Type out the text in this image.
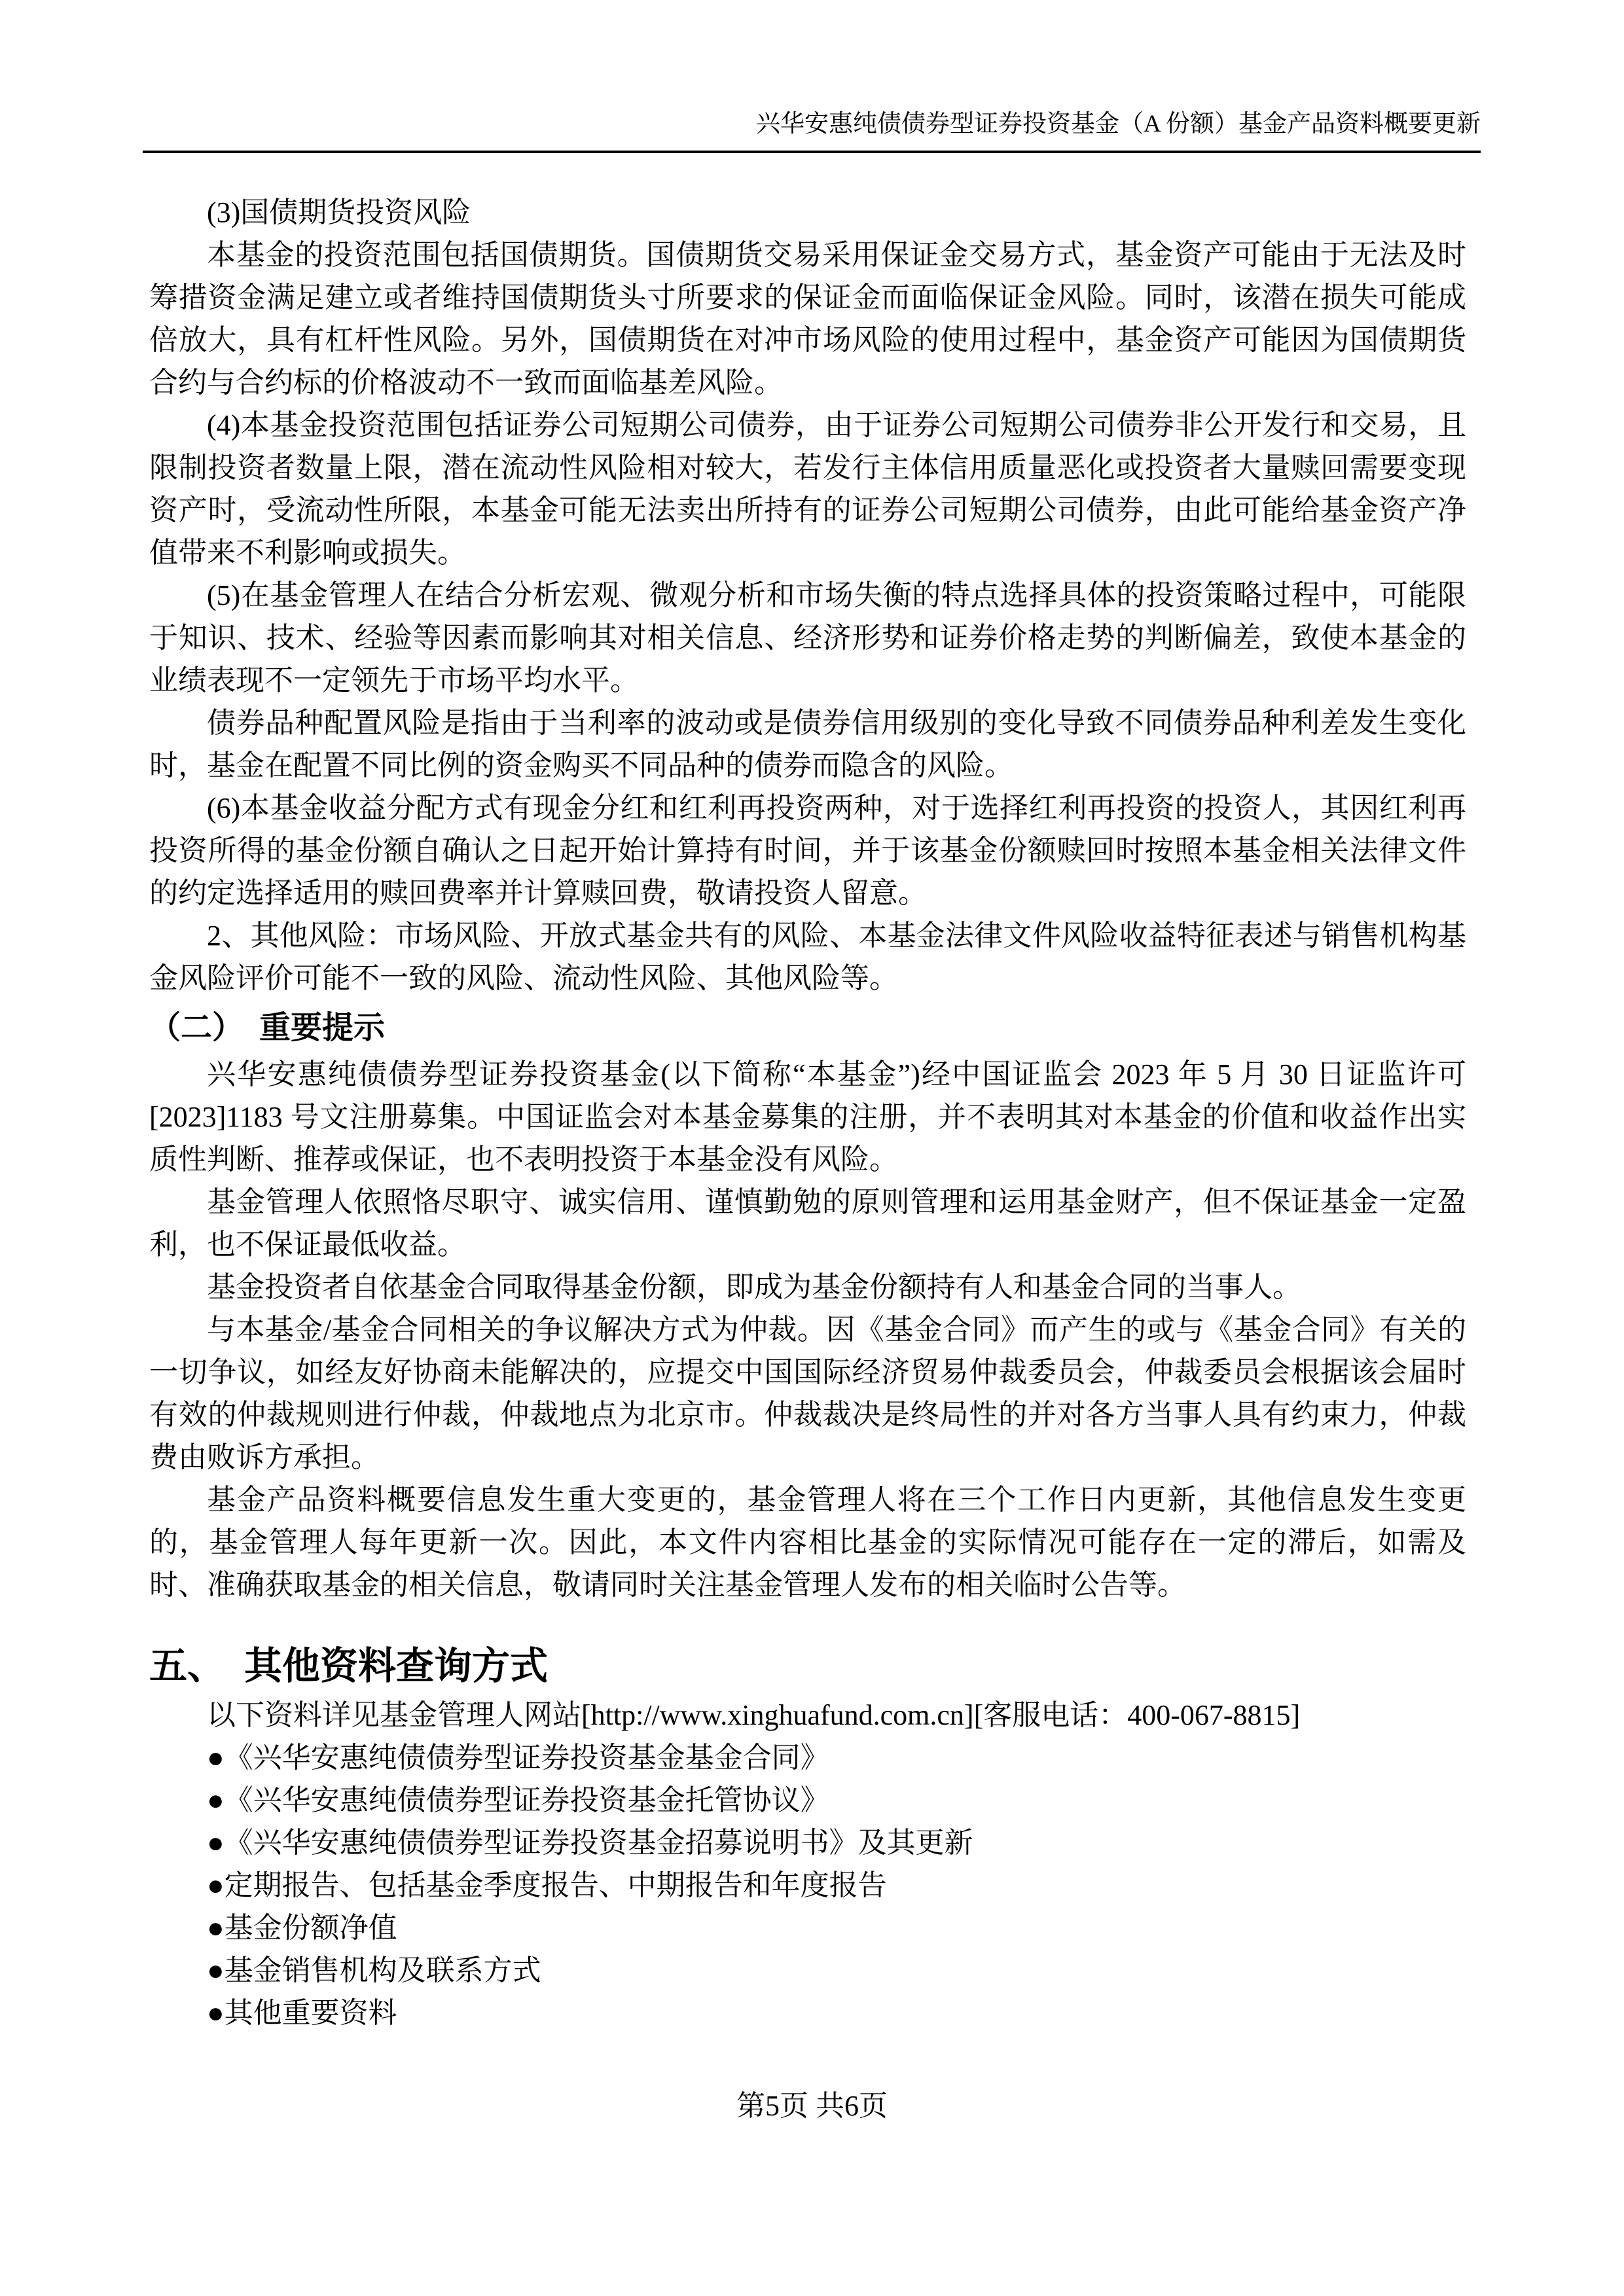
兴华安惠纯债债券型证券投资基金（A 份额）基金产品资料概要更新

(3)国债期货投资风险

本基金的投资范围包括国债期货。国债期货交易采用保证金交易方式，基金资产可能由于无法及时筹措资金满足建立或者维持国债期货头寸所要求的保证金而面临保证金风险。同时，该潜在损失可能成倍放大，具有杠杆性风险。另外，国债期货在对冲市场风险的使用过程中，基金资产可能因为国债期货合约与合约标的价格波动不一致而面临基差风险。

(4)本基金投资范围包括证券公司短期公司债券，由于证券公司短期公司债券非公开发行和交易，且限制投资者数量上限，潜在流动性风险相对较大，若发行主体信用质量恶化或投资者大量赎回需要变现资产时，受流动性所限，本基金可能无法卖出所持有的证券公司短期公司债券，由此可能给基金资产净值带来不利影响或损失。

(5)在基金管理人在结合分析宏观、微观分析和市场失衡的特点选择具体的投资策略过程中，可能限于知识、技术、经验等因素而影响其对相关信息、经济形势和证券价格走势的判断偏差，致使本基金的业绩表现不一定领先于市场平均水平。

债券品种配置风险是指由于当利率的波动或是债券信用级别的变化导致不同债券品种利差发生变化时，基金在配置不同比例的资金购买不同品种的债券而隐含的风险。

(6)本基金收益分配方式有现金分红和红利再投资两种，对于选择红利再投资的投资人，其因红利再投资所得的基金份额自确认之日起开始计算持有时间，并于该基金份额赎回时按照本基金相关法律文件的约定选择适用的赎回费率并计算赎回费，敬请投资人留意。

2、其他风险：市场风险、开放式基金共有的风险、本基金法律文件风险收益特征表述与销售机构基金风险评价可能不一致的风险、流动性风险、其他风险等。

（二）　重要提示

兴华安惠纯债债券型证券投资基金(以下简称“本基金”)经中国证监会 2023 年 5 月 30 日证监许可[2023]1183 号文注册募集。中国证监会对本基金募集的注册，并不表明其对本基金的价值和收益作出实质性判断、推荐或保证，也不表明投资于本基金没有风险。

基金管理人依照恪尽职守、诚实信用、谨慎勤勉的原则管理和运用基金财产，但不保证基金一定盈利，也不保证最低收益。

基金投资者自依基金合同取得基金份额，即成为基金份额持有人和基金合同的当事人。

与本基金/基金合同相关的争议解决方式为仲裁。因《基金合同》而产生的或与《基金合同》有关的一切争议，如经友好协商未能解决的，应提交中国国际经济贸易仲裁委员会，仲裁委员会根据该会届时有效的仲裁规则进行仲裁，仲裁地点为北京市。仲裁裁决是终局性的并对各方当事人具有约束力，仲裁费由败诉方承担。

基金产品资料概要信息发生重大变更的，基金管理人将在三个工作日内更新，其他信息发生变更的，基金管理人每年更新一次。因此，本文件内容相比基金的实际情况可能存在一定的滞后，如需及时、准确获取基金的相关信息，敬请同时关注基金管理人发布的相关临时公告等。

五、　其他资料查询方式

以下资料详见基金管理人网站[http://www.xinghuafund.com.cn][客服电话：400-067-8815]

●《兴华安惠纯债债券型证券投资基金基金合同》
●《兴华安惠纯债债券型证券投资基金托管协议》
●《兴华安惠纯债债券型证券投资基金招募说明书》及其更新
●定期报告、包括基金季度报告、中期报告和年度报告
●基金份额净值
●基金销售机构及联系方式
●其他重要资料
第5页 共6页
